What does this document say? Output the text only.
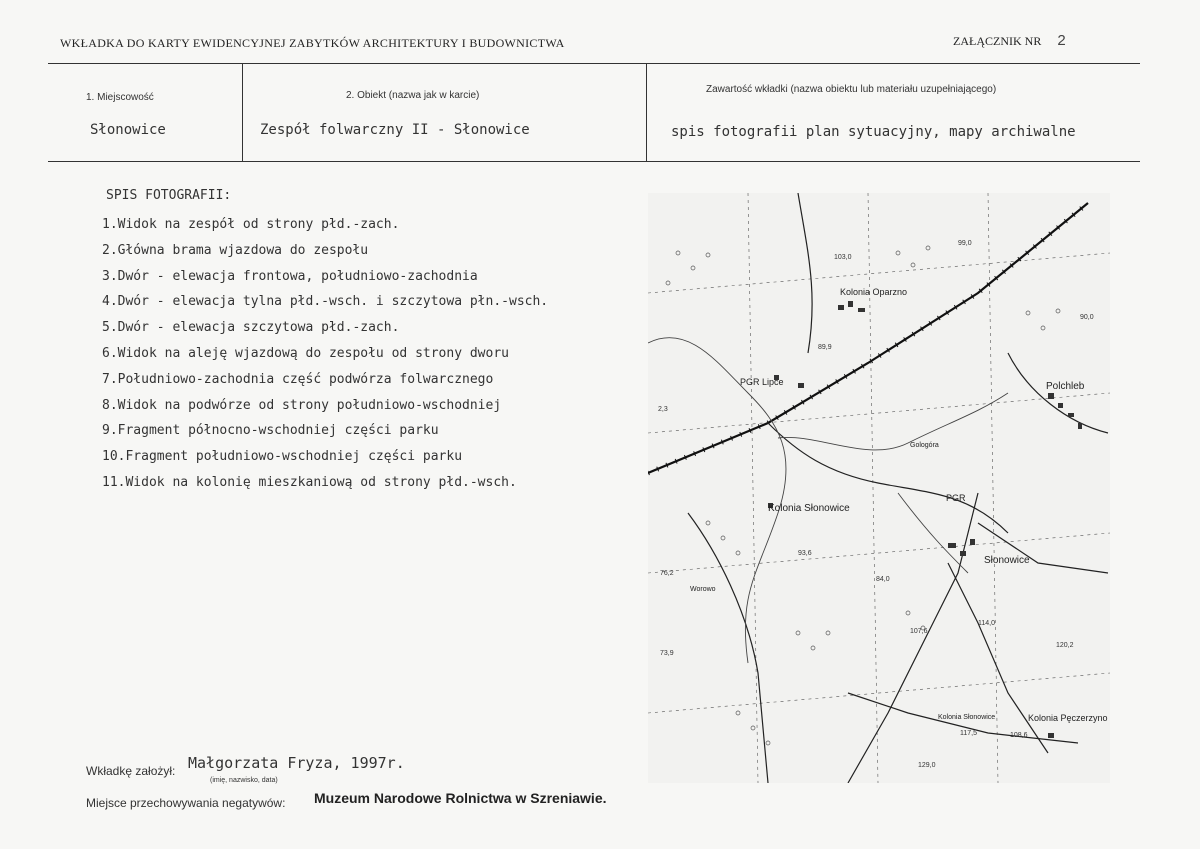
WKŁADKA DO KARTY EWIDENCYJNEJ ZABYTKÓW ARCHITEKTURY I BUDOWNICTWA	ZAŁĄCZNIK NR 2
1. Miejscowość
Słonowice
2. Obiekt (nazwa jak w karcie)
Zespół folwarczny II - Słonowice
Zawartość wkładki (nazwa obiektu lub materiału uzupełniającego)
spis fotografii plan sytuacyjny, mapy archiwalne
SPIS FOTOGRAFII:
1.Widok na zespół od strony płd.-zach.
2.Główna brama wjazdowa do zespołu
3.Dwór - elewacja frontowa, południowo-zachodnia
4.Dwór - elewacja tylna płd.-wsch. i szczytowa płn.-wsch.
5.Dwór - elewacja szczytowa płd.-zach.
6.Widok na aleję wjazdową do zespołu od strony dworu
7.Południowo-zachodnia część podwórza folwarcznego
8.Widok na podwórze od strony południowo-wschodniej
9.Fragment północno-wschodniej części parku
10.Fragment południowo-wschodniej części parku
11.Widok na kolonię mieszkaniową od strony płd.-wsch.
Kolonia Oparzno
PGR Lipce	Polchleb
Kolonia Słonowice
PGR
Słonowice
Worowo
Kolonia Słonowice	Kolonia Pęczerzyno
Gologóra
99,0
103,0
90,0
89,9
93,6
76,2
84,0
107,6
114,0
120,2
73,9
117,5	108,6
129,0
2,3
Wkładkę założył: Małgorzata Fryza, 1997r.
(imię, nazwisko, data)
Miejsce przechowywania negatywów: Muzeum Narodowe Rolnictwa w Szreniawie.
